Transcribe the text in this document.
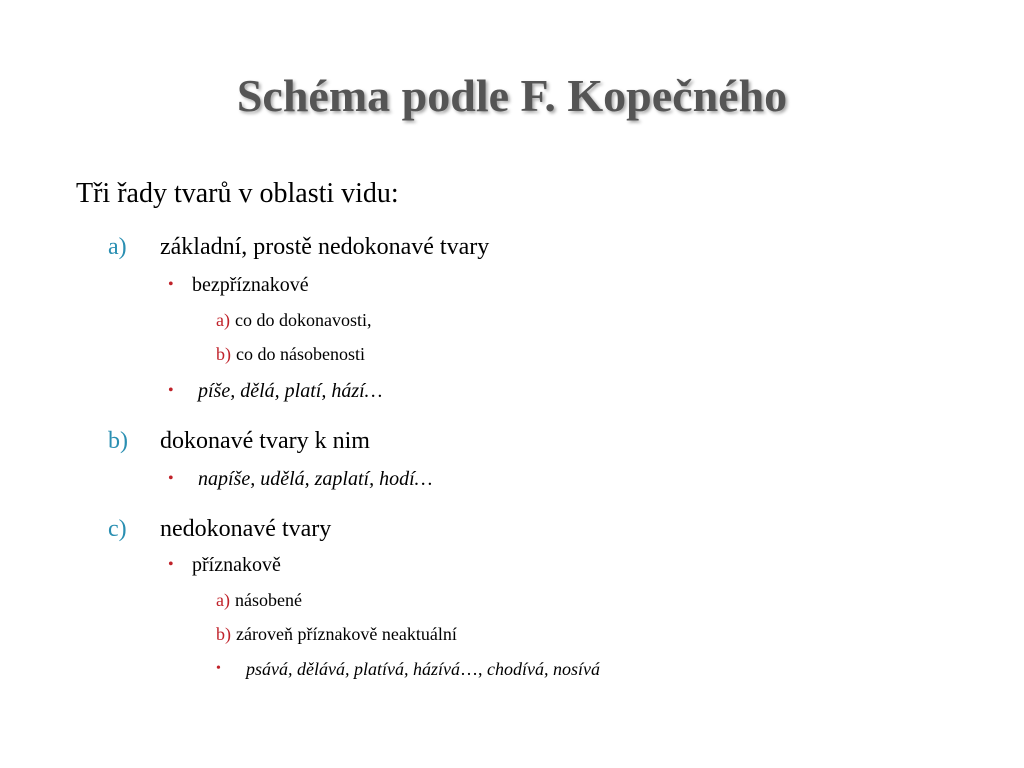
Schéma podle F. Kopečného
Tři řady tvarů v oblasti vidu:
a) základní, prostě nedokonavé tvary
• bezpříznakové
a) co do dokonavosti,
b) co do násobenosti
• píše, dělá, platí, hází…
b) dokonavé tvary k nim
• napíše, udělá, zaplatí, hodí…
c) nedokonavé tvary
• příznakově
a) násobené
b) zároveň příznakově neaktuální
• psává, dělává, platívá, házívá…, chodívá, nosívá
